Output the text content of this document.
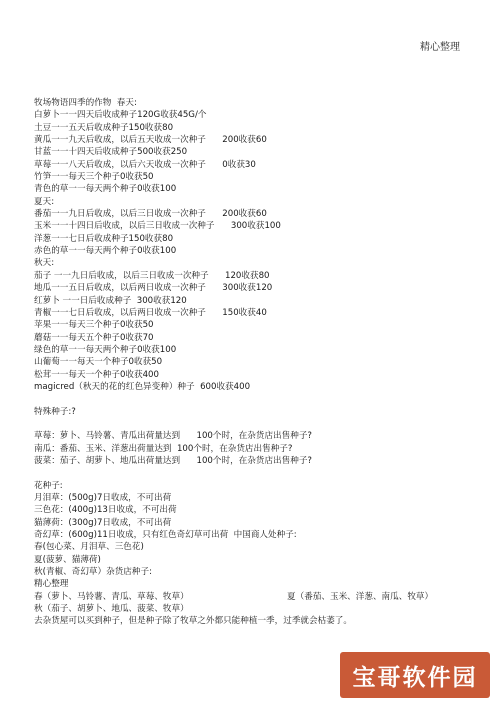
精心整理
牧场物语四季的作物  春天:
白萝卜一一四天后收成种子120G收获45G/个
土豆一一五天后收成种子150收获80
黄瓜一一九天后收成，以后五天收成一次种子      200收获60
甘蓝一一十四天后收成种子500收获250
草莓一一八天后收成，以后六天收成一次种子      0收获30
竹笋一一每天三个种子0收获50
青色的草一一每天两个种子0收获100
夏天:
番茄一一九日后收成，以后三日收成一次种子      200收获60
玉米一一十四日后收成，以后三日收成一次种子      300收获100
洋葱一一七日后收成种子150收获80
赤色的草一一每天两个种子0收获100
秋天:
茄子 一一九日后收成，以后三日收成一次种子      120收获80
地瓜一一五日后收成，以后两日收成一次种子      300收获120
红萝卜 一一日后收成种子  300收获120
青椒一一七日后收成，以后两日收成一次种子      150收获40
苹果一一每天三个种子0收获50
蘑菇一一每天五个种子0收获70
绿色的草一一每天两个种子0收获100
山葡萄一一每天一个种子0收获50
松茸一一每天一个种子0收获400
magicred（秋天的花的红色异变种）种子  600收获400
特殊种子:?
草莓：萝卜、马铃薯、青瓜出荷量达到      100个时，在杂货店出售种子?
南瓜：番茄、玉米、洋葱出荷量达到  100个时，在杂货店出售种子?
菠菜：茄子、胡萝卜、地瓜出荷量达到      100个时，在杂货店出售种子?
花种子:
月泪草：(500g)7日收成，不可出荷
三色花：(400g)13日收成，不可出荷
猫薄荷：(300g)7日收成，不可出荷
奇幻草：(600g)11日收成，只有红色奇幻草可出荷  中国商人处种子:
春(包心菜、月泪草、三色花)
夏(菠萝、猫薄荷)
秋(青椒、奇幻草）杂货店种子:
精心整理
春（萝卜、马铃薯、青瓜、草莓、牧草）                                    夏（番茄、玉米、洋葱、南瓜、牧草）
秋（茄子、胡萝卜、地瓜、菠菜、牧草）
去杂货屋可以买到种子，但是种子除了牧草之外都只能种植一季，过季就会枯萎了。
宝哥软件园
